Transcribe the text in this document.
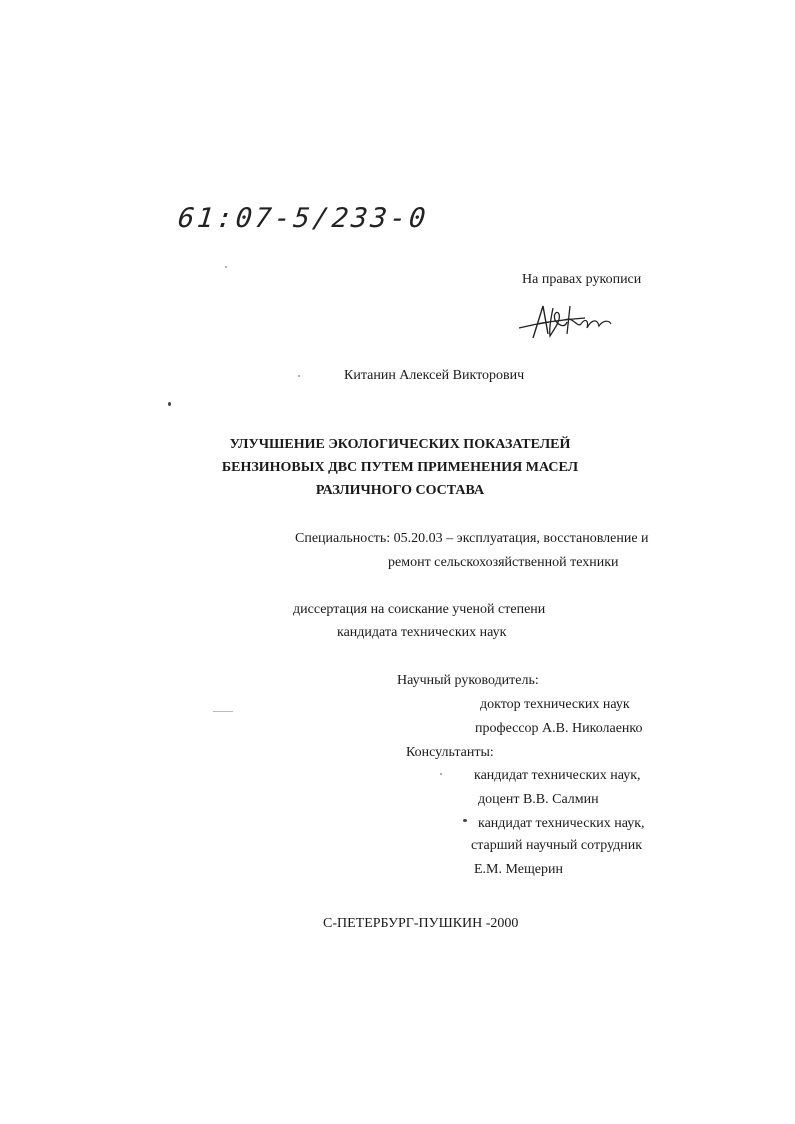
61:07-5/233-0
На правах рукописи
Китанин Алексей Викторович
УЛУЧШЕНИЕ ЭКОЛОГИЧЕСКИХ ПОКАЗАТЕЛЕЙ
БЕНЗИНОВЫХ ДВС ПУТЕМ ПРИМЕНЕНИЯ МАСЕЛ
РАЗЛИЧНОГО СОСТАВА
Специальность: 05.20.03 – эксплуатация, восстановление и
ремонт сельскохозяйственной техники
диссертация на соискание ученой степени
кандидата технических наук
Научный руководитель:
доктор технических наук
профессор А.В. Николаенко
Консультанты:
кандидат технических наук,
доцент В.В. Салмин
кандидат технических наук,
старший научный сотрудник
Е.М. Мещерин
С-ПЕТЕРБУРГ-ПУШКИН -2000
